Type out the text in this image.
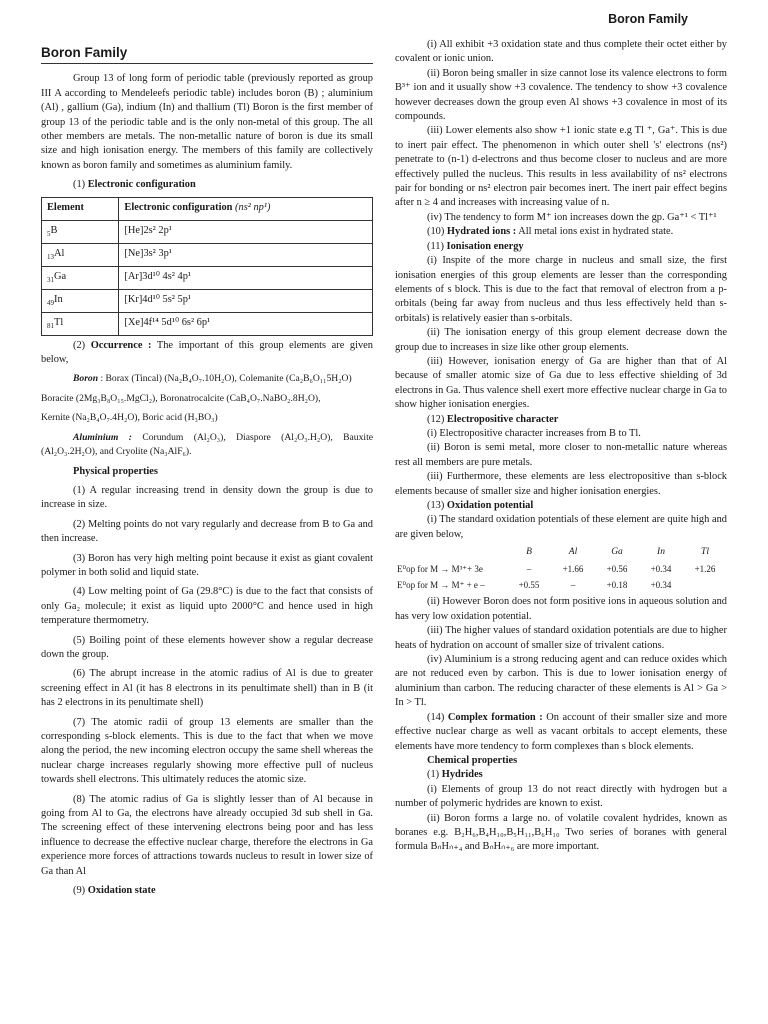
Boron Family
Boron Family

Group 13 of long form of periodic table (previously reported as group III A according to Mendeleefs periodic table) includes boron (B) ; aluminium (Al) , gallium (Ga), indium (In) and thallium (Tl) Boron is the first member of group 13 of the periodic table and is the only non-metal of this group. The all other members are metals. The non-metallic nature of boron is due its small size and high ionisation energy. The members of this family are collectively known as boron family and sometimes as aluminium family.

(1) Electronic configuration

Element	Electronic configuration (ns² np¹)
$_5$B	[He]2s² 2p¹
$_{13}$Al	[Ne]3s² 3p¹
$_{31}$Ga	[Ar]3d¹⁰ 4s² 4p¹
$_{49}$In	[Kr]4d¹⁰ 5s² 5p¹
$_{81}$Tl	[Xe]4f¹⁴ 5d¹⁰ 6s² 6p¹

(2) Occurrence : The important of this group elements are given below,

Boron : Borax (Tincal) (Na₂B₄O₇.10H₂O), Colemanite (Ca₂B₆O₁₁5H₂O)

Boracite (2Mg₃B₈O₁₅.MgCl₂), Boronatrocalcite (CaB₄O₇.NaBO₂.8H₂O),

Kernite (Na₂B₄O₇.4H₂O), Boric acid (H₃BO₃)

Aluminium : Corundum (Al₂O₃), Diaspore (Al₂O₃.H₂O), Bauxite (Al₂O₃.2H₂O), and Cryolite (Na₃AlF₆).

Physical properties

(1) A regular increasing trend in density down the group is due to increase in size.

(2) Melting points do not vary regularly and decrease from B to Ga and then increase.

(3) Boron has very high melting point because it exist as giant covalent polymer in both solid and liquid state.

(4) Low melting point of Ga (29.8°C) is due to the fact that consists of only Ga₂ molecule; it exist as liquid upto 2000°C and hence used in high temperature thermometry.

(5) Boiling point of these elements however show a regular decrease down the group.

(6) The abrupt increase in the atomic radius of Al is due to greater screening effect in Al (it has 8 electrons in its penultimate shell) than in B (it has 2 electrons in its penultimate shell)

(7) The atomic radii of group 13 elements are smaller than the corresponding s-block elements. This is due to the fact that when we move along the period, the new incoming electron occupy the same shell whereas the nuclear charge increases regularly showing more effective pull of nucleus towards shell electrons. This ultimately reduces the atomic size.

(8) The atomic radius of Ga is slightly lesser than of Al because in going from Al to Ga, the electrons have already occupied 3d sub shell in Ga. The screening effect of these intervening electrons being poor and has less influence to decrease the effective nuclear charge, therefore the electrons in Ga experience more forces of attractions towards nucleus to result in lower size of Ga than Al

(9) Oxidation state

(i) All exhibit +3 oxidation state and thus complete their octet either by covalent or ionic union.

(ii) Boron being smaller in size cannot lose its valence electrons to form B³⁺ ion and it usually show +3 covalence. The tendency to show +3 covalence however decreases down the group even Al shows +3 covalence in most of its compounds.

(iii) Lower elements also show +1 ionic state e.g Tl ⁺, Ga⁺. This is due to inert pair effect. The phenomenon in which outer shell 's' electrons (ns²) penetrate to (n-1) d-electrons and thus become closer to nucleus and are more effectively pulled the nucleus. This results in less availability of ns² electrons pair for bonding or ns² electron pair becomes inert. The inert pair effect begins after n ≥ 4 and increases with increasing value of n.

(iv) The tendency to form M⁺ ion increases down the gp. Ga⁺¹ < Tl⁺¹

(10) Hydrated ions : All metal ions exist in hydrated state.

(11) Ionisation energy

(i) Inspite of the more charge in nucleus and small size, the first ionisation energies of this group elements are lesser than the corresponding elements of s block. This is due to the fact that removal of electron from a p-orbitals (being far away from nucleus and thus less effectively held than s-orbitals) is relatively easier than s-orbitals.

(ii) The ionisation energy of this group element decrease down the group due to increases in size like other group elements.

(iii) However, ionisation energy of Ga are higher than that of Al because of smaller atomic size of Ga due to less effective shielding of 3d electrons in Ga. Thus valence shell exert more effective nuclear charge in Ga to show higher ionisation energies.

(12) Electropositive character

(i) Electropositive character increases from B to Tl.

(ii) Boron is semi metal, more closer to non-metallic nature whereas rest all members are pure metals.

(iii) Furthermore, these elements are less electropositive than s-block elements because of smaller size and higher ionisation energies.

(13) Oxidation potential

(i) The standard oxidation potentials of these element are quite high and are given below,

	B	Al	Ga	In	Tl
E⁰op for M → M³⁺+ 3e	–	+1.66	+0.56	+0.34	+1.26
E⁰op for M → M⁺ + e –	+0.55	–	+0.18	+0.34	

(ii) However Boron does not form positive ions in aqueous solution and has very low oxidation potential.

(iii) The higher values of standard oxidation potentials are due to higher heats of hydration on account of smaller size of trivalent cations.

(iv) Aluminium is a strong reducing agent and can reduce oxides which are not reduced even by carbon. This is due to lower ionisation energy of aluminium than carbon. The reducing character of these elements is Al > Ga > In > Tl.

(14) Complex formation : On account of their smaller size and more effective nuclear charge as well as vacant orbitals to accept elements, these elements have more tendency to form complexes than s block elements.

Chemical properties

(1) Hydrides

(i) Elements of group 13 do not react directly with hydrogen but a number of polymeric hydrides are known to exist.

(ii) Boron forms a large no. of volatile covalent hydrides, known as boranes e.g. B₂H₆,B₄H₁₀,B₅H₁₁,B₆H₁₀ Two series of boranes with general formula BₙHₙ₊₄ and BₙHₙ₊₆ are more important.
